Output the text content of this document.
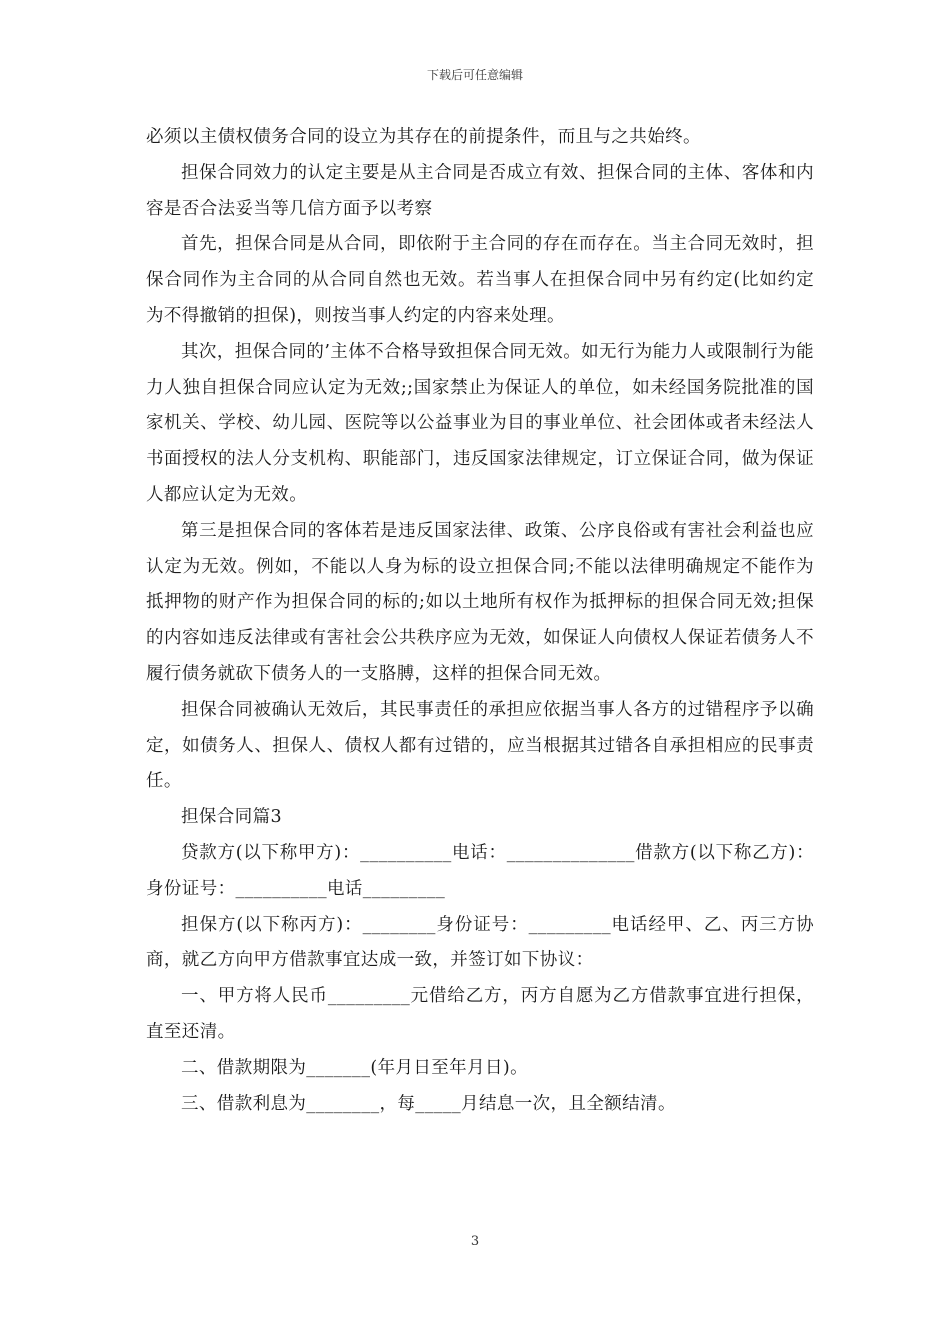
下载后可任意编辑

必须以主债权债务合同的设立为其存在的前提条件，而且与之共始终。

担保合同效力的认定主要是从主合同是否成立有效、担保合同的主体、客体和内容是否合法妥当等几信方面予以考察

首先，担保合同是从合同，即依附于主合同的存在而存在。当主合同无效时，担保合同作为主合同的从合同自然也无效。若当事人在担保合同中另有约定(比如约定为不得撤销的担保)，则按当事人约定的内容来处理。

其次，担保合同的’主体不合格导致担保合同无效。如无行为能力人或限制行为能力人独自担保合同应认定为无效;;国家禁止为保证人的单位，如未经国务院批准的国家机关、学校、幼儿园、医院等以公益事业为目的事业单位、社会团体或者未经法人书面授权的法人分支机构、职能部门，违反国家法律规定，订立保证合同，做为保证人都应认定为无效。

第三是担保合同的客体若是违反国家法律、政策、公序良俗或有害社会利益也应认定为无效。例如，不能以人身为标的设立担保合同;不能以法律明确规定不能作为抵押物的财产作为担保合同的标的;如以土地所有权作为抵押标的担保合同无效;担保的内容如违反法律或有害社会公共秩序应为无效，如保证人向债权人保证若债务人不履行债务就砍下债务人的一支胳膊，这样的担保合同无效。

担保合同被确认无效后，其民事责任的承担应依据当事人各方的过错程序予以确定，如债务人、担保人、债权人都有过错的，应当根据其过错各自承担相应的民事责任。

担保合同篇3

贷款方(以下称甲方)：__________电话：______________借款方(以下称乙方)：身份证号：__________电话_________

担保方(以下称丙方)：________身份证号：_________电话经甲、乙、丙三方协商，就乙方向甲方借款事宜达成一致，并签订如下协议：

一、甲方将人民币_________元借给乙方，丙方自愿为乙方借款事宜进行担保，直至还清。

二、借款期限为_______(年月日至年月日)。

三、借款利息为________，每_____月结息一次，且全额结清。

3
